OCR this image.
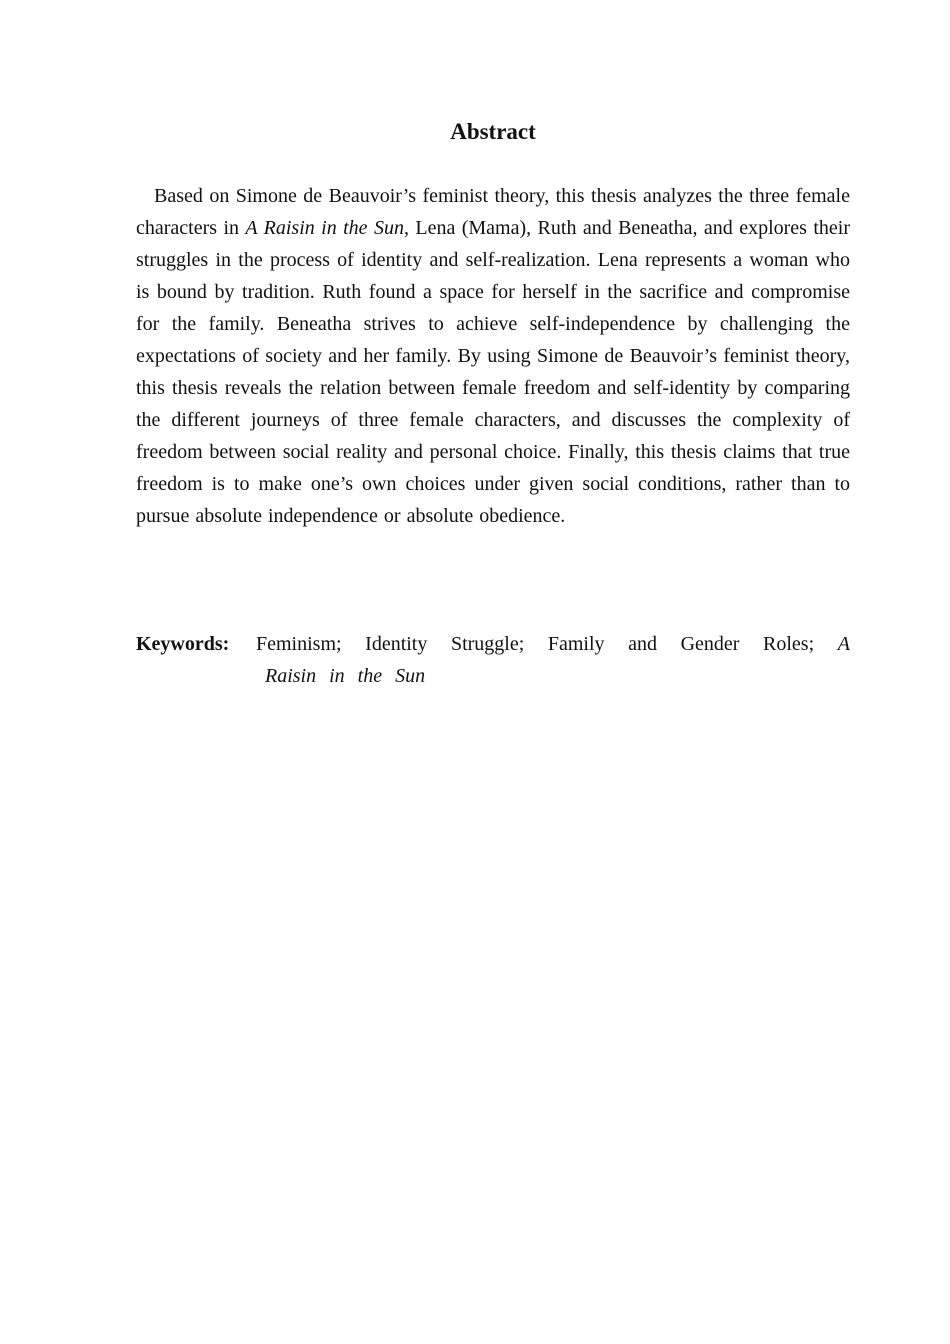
Abstract
Based on Simone de Beauvoir’s feminist theory, this thesis analyzes the three female characters in A Raisin in the Sun, Lena (Mama), Ruth and Beneatha, and explores their struggles in the process of identity and self-realization. Lena represents a woman who is bound by tradition. Ruth found a space for herself in the sacrifice and compromise for the family. Beneatha strives to achieve self-independence by challenging the expectations of society and her family. By using Simone de Beauvoir’s feminist theory, this thesis reveals the relation between female freedom and self-identity by comparing the different journeys of three female characters, and discusses the complexity of freedom between social reality and personal choice. Finally, this thesis claims that true freedom is to make one’s own choices under given social conditions, rather than to pursue absolute independence or absolute obedience.
Keywords:	Feminism; Identity Struggle; Family and Gender Roles; A
Raisin in the Sun
